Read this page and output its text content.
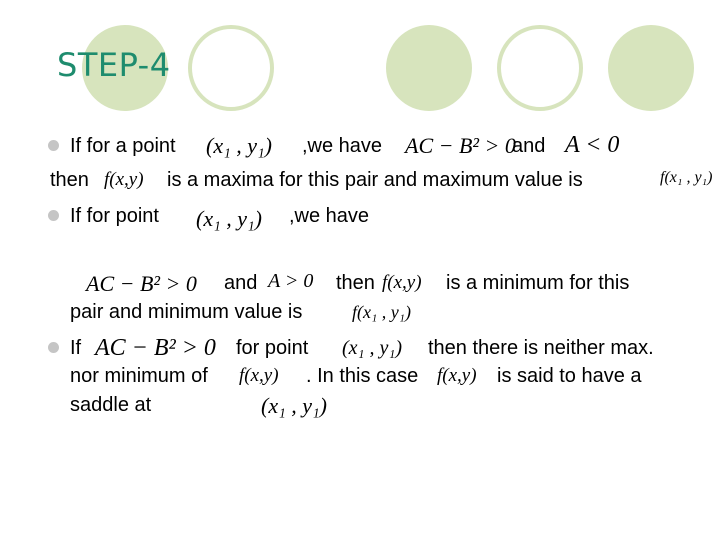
STEP-4
If for a point (x₁ , y₁) ,we have AC − B² > 0
and A < 0
then f(x,y) is a maxima for this pair and maximum value is	f(x₁ , y₁)
If for point (x₁ , y₁) ,we have
AC − B² > 0 and A > 0 then f(x,y) is a minimum for this
pair and minimum value is	f(x₁ , y₁)
If AC − B² > 0 for point (x₁ , y₁) then there is neither max.
nor minimum of f(x,y) . In this case f(x,y) is said to have a
saddle at	(x₁ , y₁)
